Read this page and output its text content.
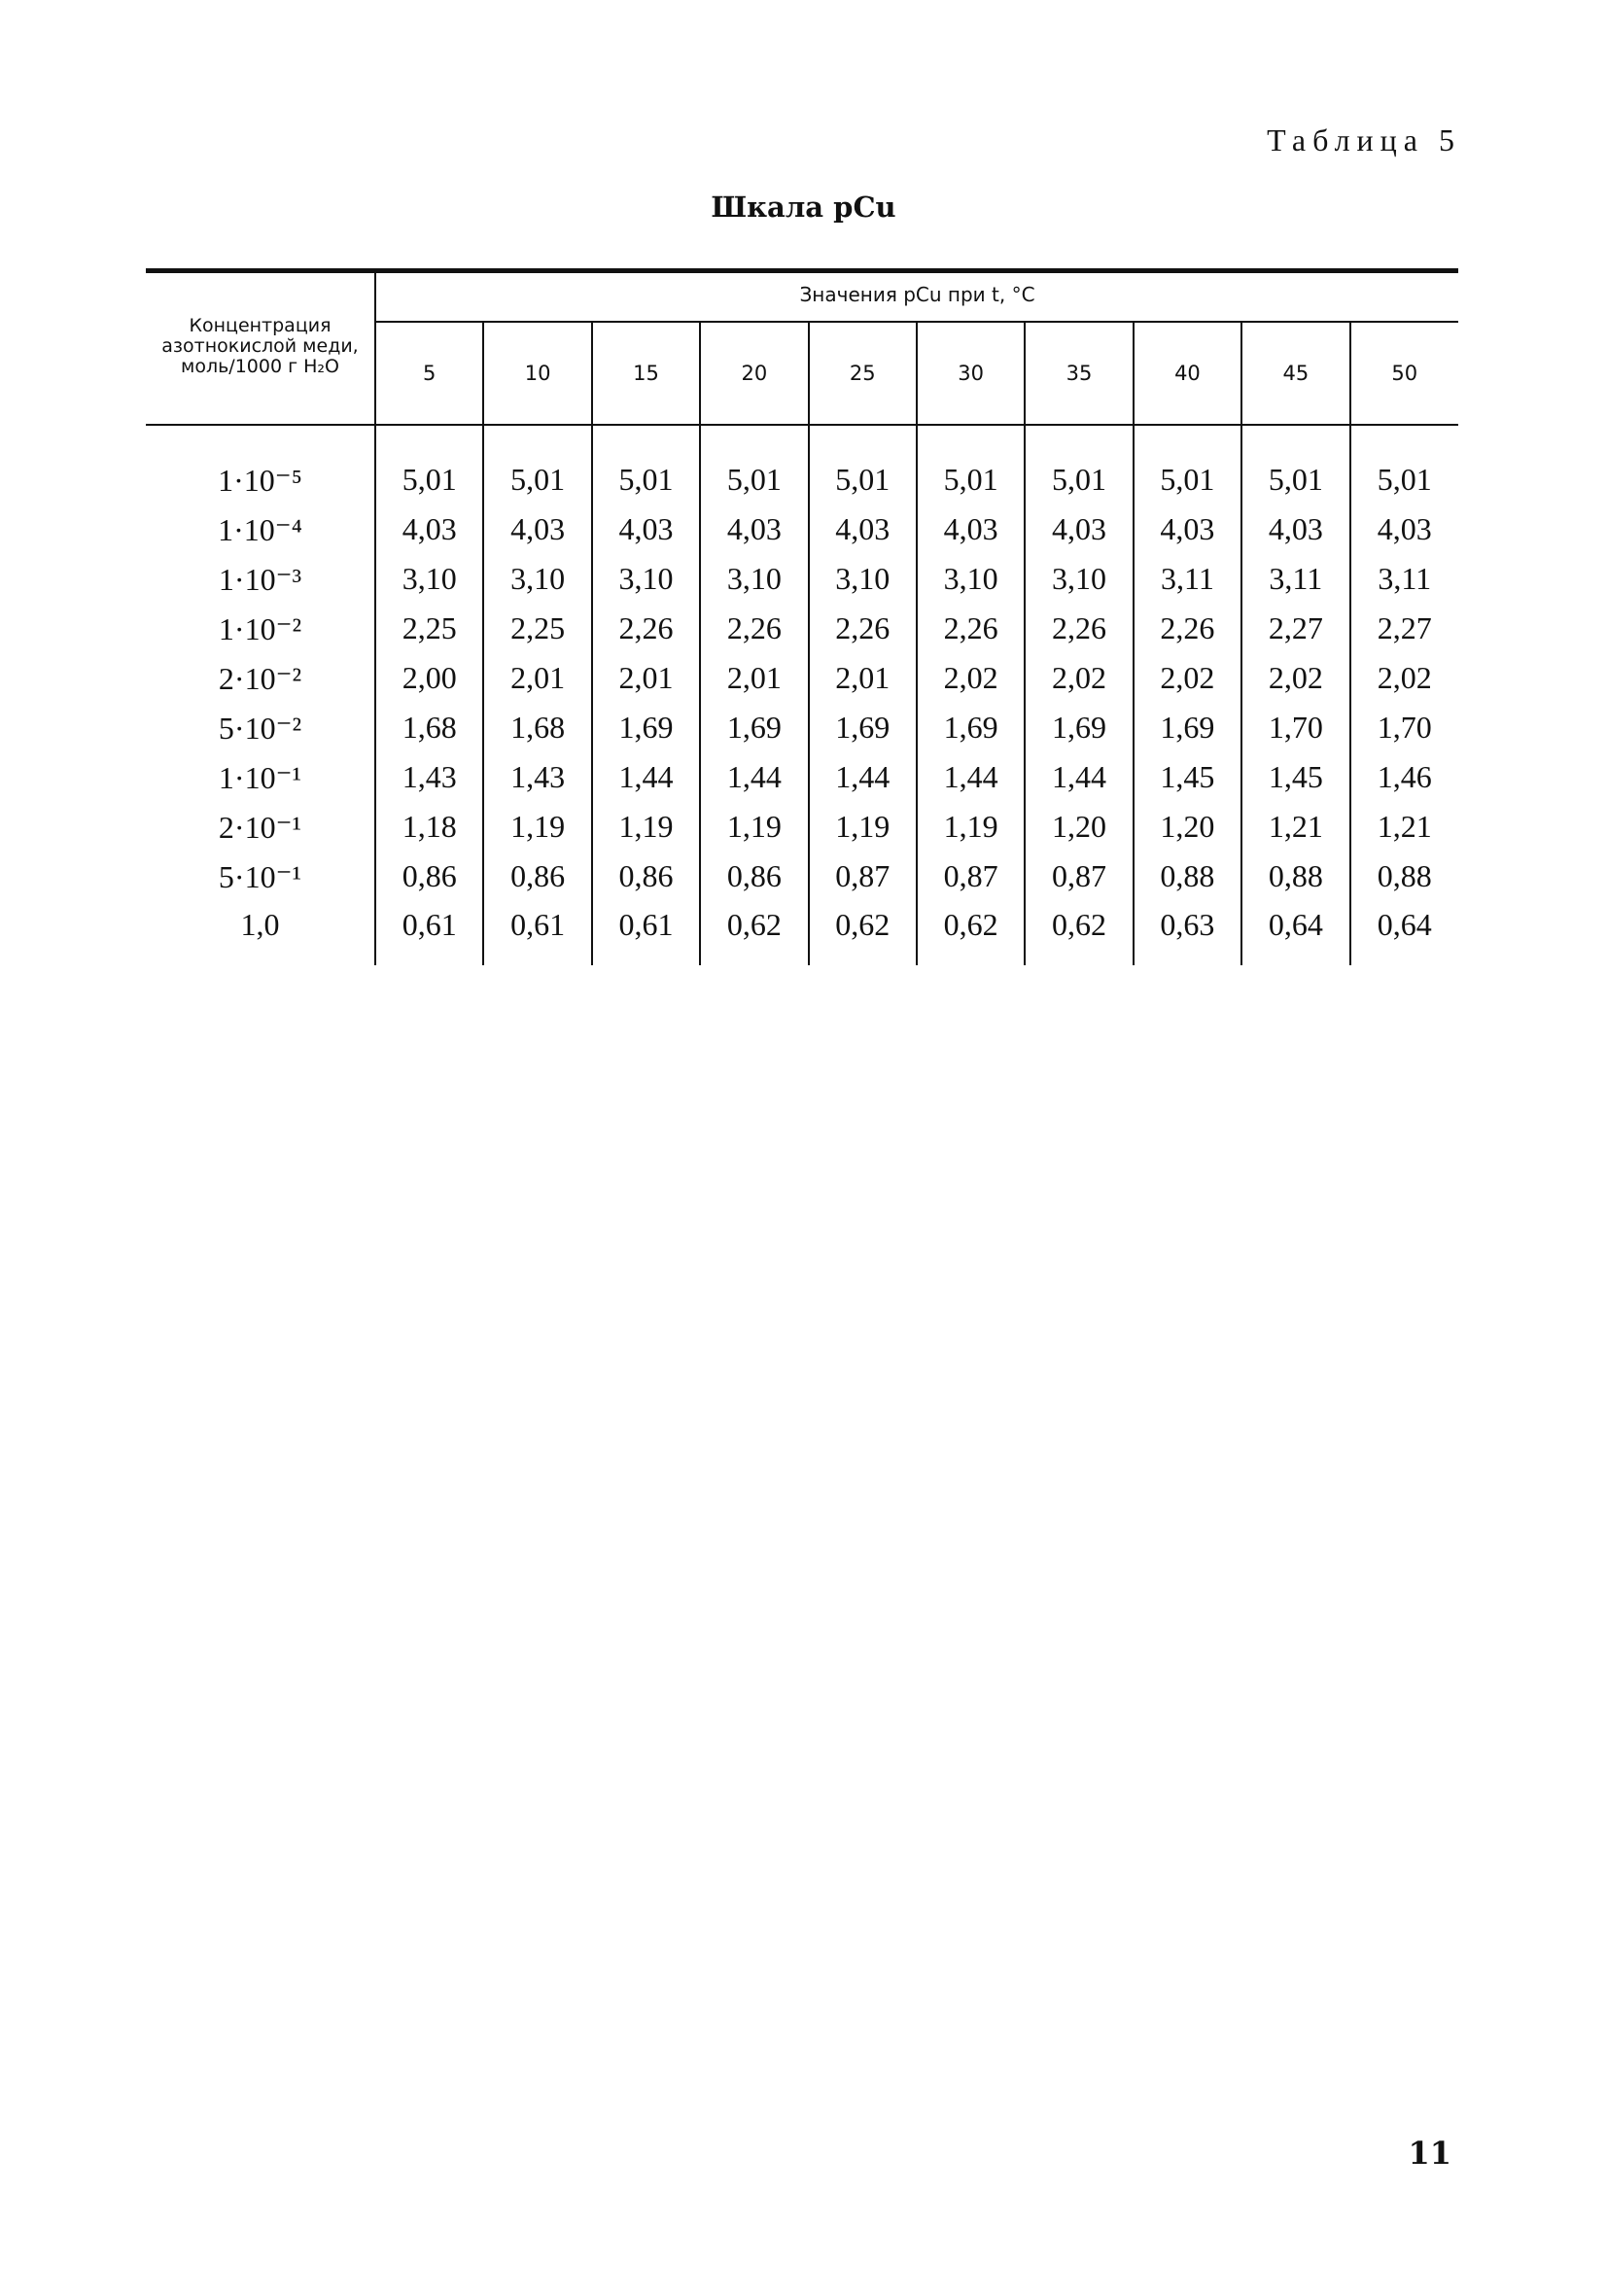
Таблица 5

Шкала pCu
Концентрация азотнокислой меди, моль/1000 г H₂O	Значения pCu при t, °C									
	5	10	15	20	25	30	35	40	45	50
1·10⁻⁵	5,01	5,01	5,01	5,01	5,01	5,01	5,01	5,01	5,01	5,01
1·10⁻⁴	4,03	4,03	4,03	4,03	4,03	4,03	4,03	4,03	4,03	4,03
1·10⁻³	3,10	3,10	3,10	3,10	3,10	3,10	3,10	3,11	3,11	3,11
1·10⁻²	2,25	2,25	2,26	2,26	2,26	2,26	2,26	2,26	2,27	2,27
2·10⁻²	2,00	2,01	2,01	2,01	2,01	2,02	2,02	2,02	2,02	2,02
5·10⁻²	1,68	1,68	1,69	1,69	1,69	1,69	1,69	1,69	1,70	1,70
1·10⁻¹	1,43	1,43	1,44	1,44	1,44	1,44	1,44	1,45	1,45	1,46
2·10⁻¹	1,18	1,19	1,19	1,19	1,19	1,19	1,20	1,20	1,21	1,21
5·10⁻¹	0,86	0,86	0,86	0,86	0,87	0,87	0,87	0,88	0,88	0,88
1,0	0,61	0,61	0,61	0,62	0,62	0,62	0,62	0,63	0,64	0,64

11
